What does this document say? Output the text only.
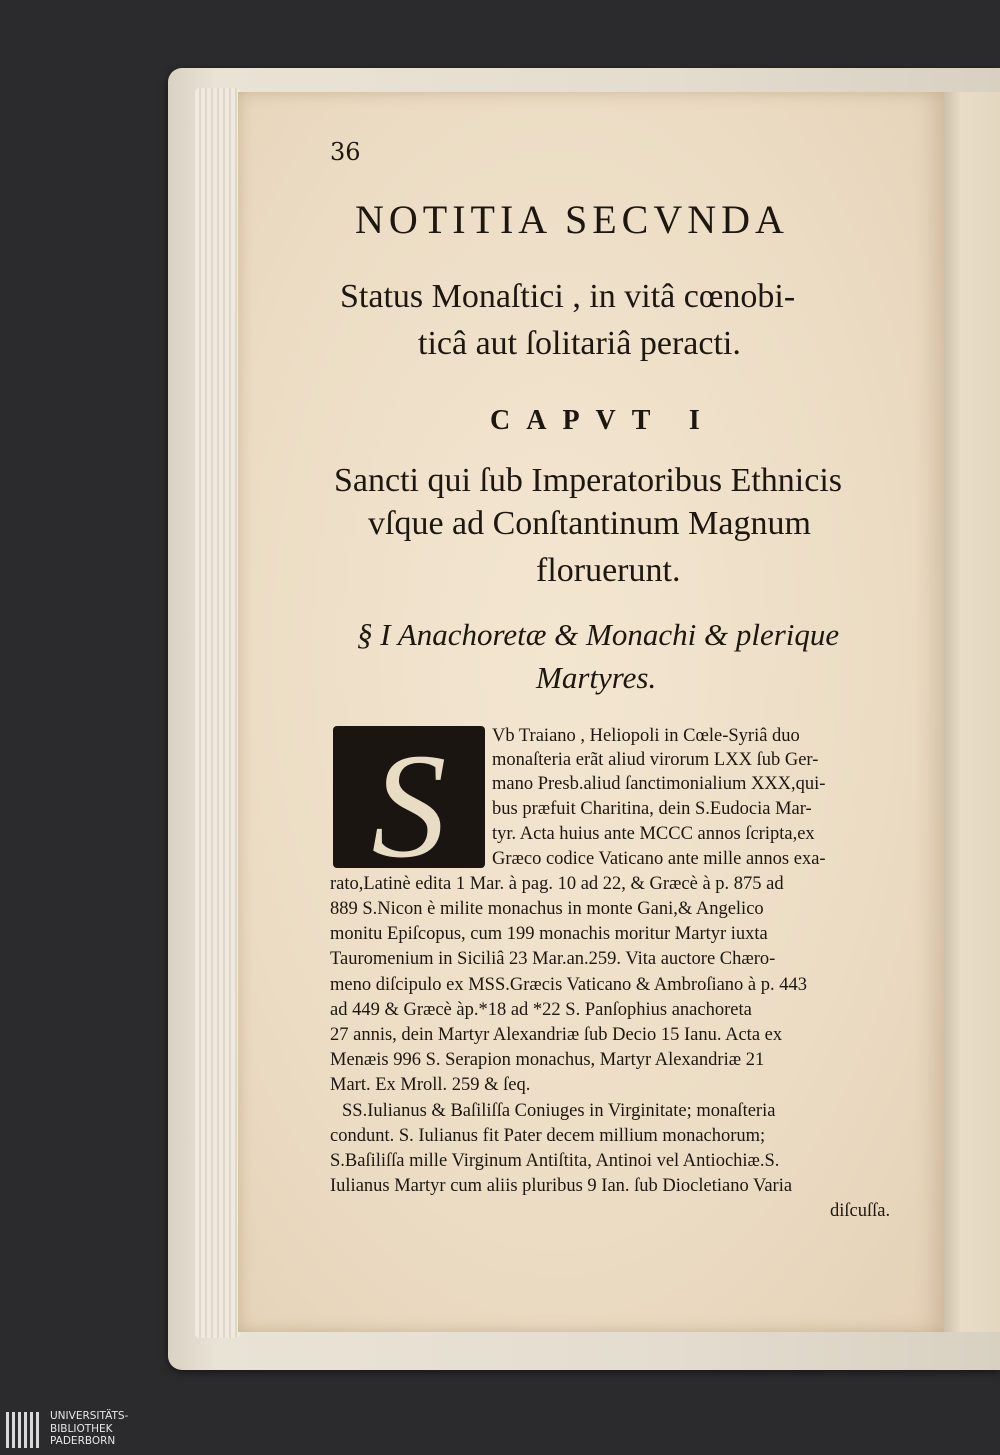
36
NOTITIA SECVNDA
Status Monaſtici , in vitâ cœnobi-
ticâ aut ſolitariâ peracti.
CAPVT I
Sancti qui ſub Imperatoribus Ethnicis
vſque ad Conſtantinum Magnum
floruerunt.
§ I Anachoretæ & Monachi & plerique
Martyres.
S	Vb Traiano , Heliopoli in Cœle-Syriâ duo
monaſteria erãt aliud virorum LXX ſub Ger-
mano Presb.aliud ſanctimonialium XXX,qui-
bus præfuit Charitina, dein S.Eudocia Mar-
tyr. Acta huius ante MCCC annos ſcripta,ex
Græco codice Vaticano ante mille annos exa-
rato,Latinè edita 1 Mar. à pag. 10 ad 22, & Græcè à p. 875 ad
889 S.Nicon è milite monachus in monte Gani,& Angelico
monitu Epiſcopus, cum 199 monachis moritur Martyr iuxta
Tauromenium in Siciliâ 23 Mar.an.259. Vita auctore Chæro-
meno diſcipulo ex MSS.Græcis Vaticano & Ambroſiano à p. 443
ad 449 & Græcè àp.*18 ad *22 S. Panſophius anachoreta
27 annis, dein Martyr Alexandriæ ſub Decio 15 Ianu. Acta ex
Menæis 996 S. Serapion monachus, Martyr Alexandriæ 21
Mart. Ex Mroll. 259 & ſeq.
SS.Iulianus & Baſiliſſa Coniuges in Virginitate; monaſteria
condunt. S. Iulianus fit Pater decem millium monachorum;
S.Baſiliſſa mille Virginum Antiſtita, Antinoi vel Antiochiæ.S.
Iulianus Martyr cum aliis pluribus 9 Ian. ſub Diocletiano Varia
diſcuſſa.
UNIVERSITÄTS-
BIBLIOTHEK
PADERBORN
